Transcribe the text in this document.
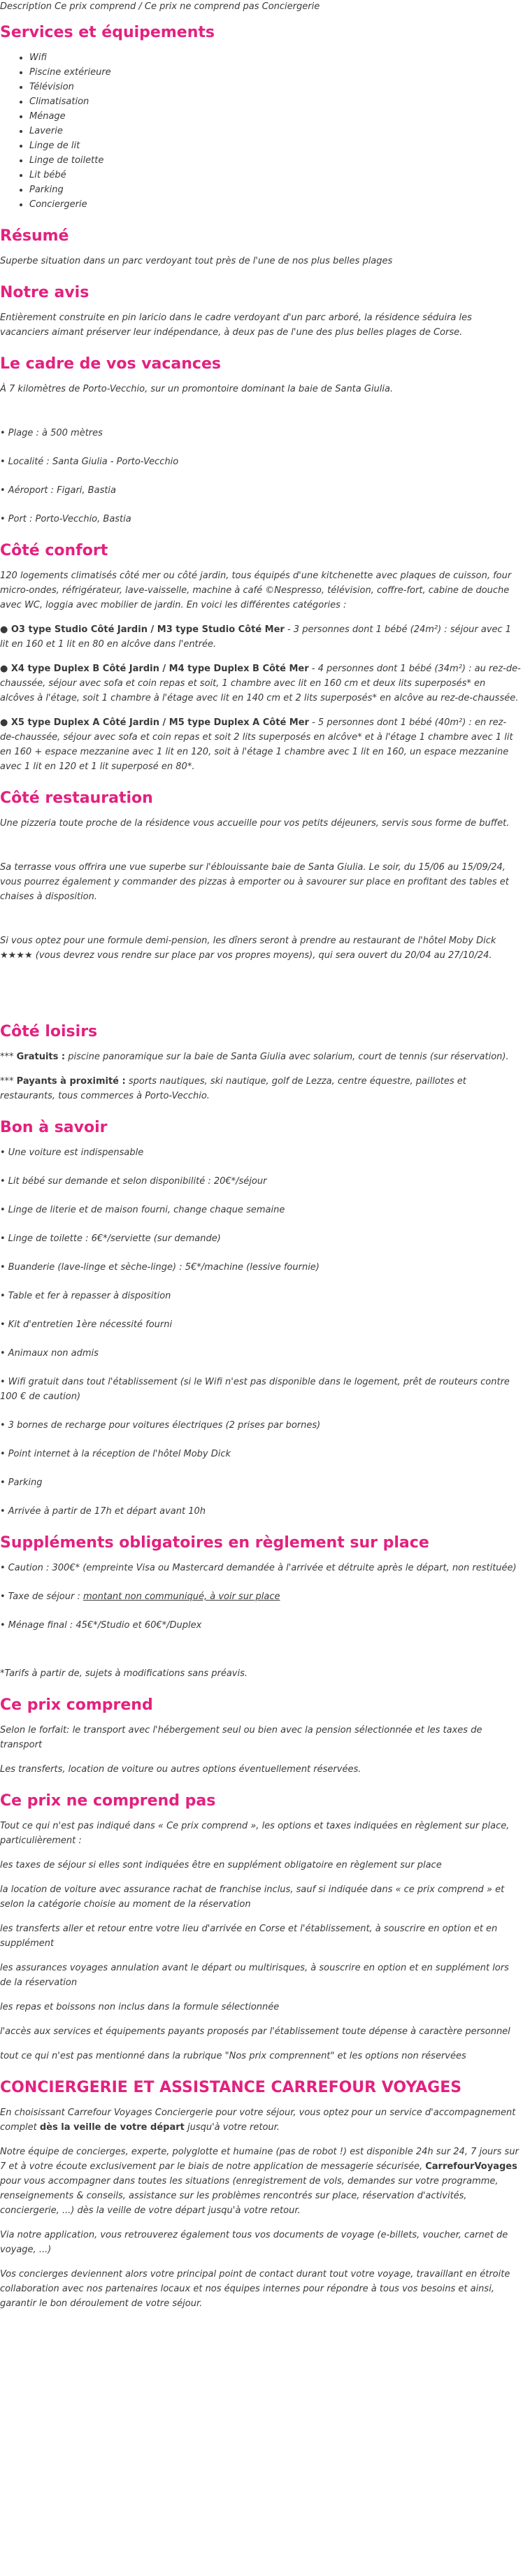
Description Ce prix comprend / Ce prix ne comprend pas Conciergerie
Services et équipements
• Wifi
• Piscine extérieure
• Télévision
• Climatisation
• Ménage
• Laverie
• Linge de lit
• Linge de toilette
• Lit bébé
• Parking
• Conciergerie
Résumé

Superbe situation dans un parc verdoyant tout près de l'une de nos plus belles plages

Notre avis

Entièrement construite en pin laricio dans le cadre verdoyant d'un parc arboré, la résidence séduira les vacanciers aimant préserver leur indépendance, à deux pas de l'une des plus belles plages de Corse.

Le cadre de vos vacances

À 7 kilomètres de Porto-Vecchio, sur un promontoire dominant la baie de Santa Giulia.

• Plage : à 500 mètres
• Localité : Santa Giulia - Porto-Vecchio
• Aéroport : Figari, Bastia
• Port : Porto-Vecchio, Bastia
Côté confort

120 logements climatisés côté mer ou côté jardin, tous équipés d'une kitchenette avec plaques de cuisson, four micro-ondes, réfrigérateur, lave-vaisselle, machine à café ©Nespresso, télévision, coffre-fort, cabine de douche avec WC, loggia avec mobilier de jardin. En voici les différentes catégories :

● O3 type Studio Côté Jardin / M3 type Studio Côté Mer - 3 personnes dont 1 bébé (24m²) : séjour avec 1 lit en 160 et 1 lit en 80 en alcôve dans l'entrée.

● X4 type Duplex B Côté Jardin / M4 type Duplex B Côté Mer - 4 personnes dont 1 bébé (34m²) : au rez-de-chaussée, séjour avec sofa et coin repas et soit, 1 chambre avec lit en 160 cm et deux lits superposés* en alcôves à l'étage, soit 1 chambre à l'étage avec lit en 140 cm et 2 lits superposés* en alcôve au rez-de-chaussée.

● X5 type Duplex A Côté Jardin / M5 type Duplex A Côté Mer - 5 personnes dont 1 bébé (40m²) : en rez-de-chaussée, séjour avec sofa et coin repas et soit 2 lits superposés en alcôve* et à l'étage 1 chambre avec 1 lit en 160 + espace mezzanine avec 1 lit en 120, soit à l'étage 1 chambre avec 1 lit en 160, un espace mezzanine avec 1 lit en 120 et 1 lit superposé en 80*.

Côté restauration

Une pizzeria toute proche de la résidence vous accueille pour vos petits déjeuners, servis sous forme de buffet.

Sa terrasse vous offrira une vue superbe sur l'éblouissante baie de Santa Giulia. Le soir, du 15/06 au 15/09/24, vous pourrez également y commander des pizzas à emporter ou à savourer sur place en profitant des tables et chaises à disposition.

Si vous optez pour une formule demi-pension, les dîners seront à prendre au restaurant de l'hôtel Moby Dick ★★★★ (vous devrez vous rendre sur place par vos propres moyens), qui sera ouvert du 20/04 au 27/10/24.

Côté loisirs

*** Gratuits : piscine panoramique sur la baie de Santa Giulia avec solarium, court de tennis (sur réservation).

*** Payants à proximité : sports nautiques, ski nautique, golf de Lezza, centre équestre, paillotes et restaurants, tous commerces à Porto-Vecchio.

Bon à savoir
• Une voiture est indispensable
• Lit bébé sur demande et selon disponibilité : 20€*/séjour
• Linge de literie et de maison fourni, change chaque semaine
• Linge de toilette : 6€*/serviette (sur demande)
• Buanderie (lave-linge et sèche-linge) : 5€*/machine (lessive fournie)
• Table et fer à repasser à disposition
• Kit d'entretien 1ère nécessité fourni
• Animaux non admis
• Wifi gratuit dans tout l'établissement (si le Wifi n'est pas disponible dans le logement, prêt de routeurs contre 100 € de caution)
• 3 bornes de recharge pour voitures électriques (2 prises par bornes)
• Point internet à la réception de l'hôtel Moby Dick
• Parking
• Arrivée à partir de 17h et départ avant 10h
Suppléments obligatoires en règlement sur place
• Caution : 300€* (empreinte Visa ou Mastercard demandée à l'arrivée et détruite après le départ, non restituée)
• Taxe de séjour : montant non communiqué, à voir sur place
• Ménage final : 45€*/Studio et 60€*/Duplex

*Tarifs à partir de, sujets à modifications sans préavis.

Ce prix comprend

Selon le forfait: le transport avec l'hébergement seul ou bien avec la pension sélectionnée et les taxes de transport

Les transferts, location de voiture ou autres options éventuellement réservées.

Ce prix ne comprend pas

Tout ce qui n'est pas indiqué dans « Ce prix comprend », les options et taxes indiquées en règlement sur place, particulièrement :

les taxes de séjour si elles sont indiquées être en supplément obligatoire en règlement sur place

la location de voiture avec assurance rachat de franchise inclus, sauf si indiquée dans « ce prix comprend » et selon la catégorie choisie au moment de la réservation

les transferts aller et retour entre votre lieu d'arrivée en Corse et l'établissement, à souscrire en option et en supplément

les assurances voyages annulation avant le départ ou multirisques, à souscrire en option et en supplément lors de la réservation

les repas et boissons non inclus dans la formule sélectionnée

l'accès aux services et équipements payants proposés par l'établissement toute dépense à caractère personnel

tout ce qui n'est pas mentionné dans la rubrique "Nos prix comprennent" et les options non réservées

CONCIERGERIE ET ASSISTANCE CARREFOUR VOYAGES

En choisissant Carrefour Voyages Conciergerie pour votre séjour, vous optez pour un service d'accompagnement complet dès la veille de votre départ jusqu'à votre retour.

Notre équipe de concierges, experte, polyglotte et humaine (pas de robot !) est disponible 24h sur 24, 7 jours sur 7 et à votre écoute exclusivement par le biais de notre application de messagerie sécurisée, CarrefourVoyages pour vous accompagner dans toutes les situations (enregistrement de vols, demandes sur votre programme, renseignements & conseils, assistance sur les problèmes rencontrés sur place, réservation d'activités, conciergerie, ...) dès la veille de votre départ jusqu'à votre retour.

Via notre application, vous retrouverez également tous vos documents de voyage (e-billets, voucher, carnet de voyage, ...)

Vos concierges deviennent alors votre principal point de contact durant tout votre voyage, travaillant en étroite collaboration avec nos partenaires locaux et nos équipes internes pour répondre à tous vos besoins et ainsi, garantir le bon déroulement de votre séjour.
